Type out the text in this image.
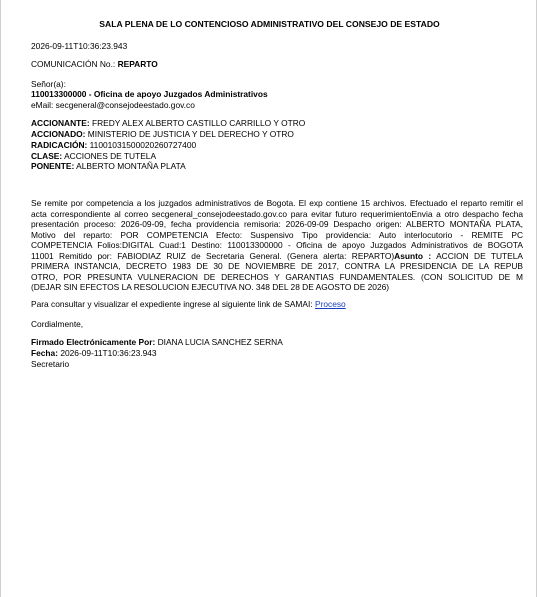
SALA PLENA DE LO CONTENCIOSO ADMINISTRATIVO DEL CONSEJO DE ESTADO
2026-09-11T10:36:23.943
COMUNICACIÓN No.: REPARTO
Señor(a):
110013300000 - Oficina de apoyo Juzgados Administrativos
eMail: secgeneral@consejodeestado.gov.co
ACCIONANTE: FREDY ALEX ALBERTO CASTILLO CARRILLO Y OTRO
ACCIONADO: MINISTERIO DE JUSTICIA Y DEL DERECHO Y OTRO
RADICACIÓN: 11001031500020260727400
CLASE: ACCIONES DE TUTELA
PONENTE: ALBERTO MONTAÑA PLATA
Se remite por competencia a los juzgados administrativos de Bogota. El exp contiene 15 archivos. Efectuado el reparto remitir el
acta correspondiente al correo secgeneral_consejodeestado.gov.co para evitar futuro requerimientoEnvia a otro despacho fecha
presentación proceso: 2026-09-09, fecha providencia remisoria: 2026-09-09 Despacho origen: ALBERTO MONTAÑA PLATA,
Motivo del reparto: POR COMPETENCIA Efecto: Suspensivo Tipo providencia: Auto interlocutorio - REMITE PC
COMPETENCIA Folios:DIGITAL Cuad:1 Destino: 110013300000 - Oficina de apoyo Juzgados Administrativos de BOGOTA
11001 Remitido por: FABIODIAZ RUIZ de Secretaria General. (Genera alerta: REPARTO)Asunto : ACCION DE TUTELA
PRIMERA INSTANCIA, DECRETO 1983 DE 30 DE NOVIEMBRE DE 2017, CONTRA LA PRESIDENCIA DE LA REPUB
OTRO, POR PRESUNTA VULNERACION DE DERECHOS Y GARANTIAS FUNDAMENTALES. (CON SOLICITUD DE M
(DEJAR SIN EFECTOS LA RESOLUCION EJECUTIVA NO. 348 DEL 28 DE AGOSTO DE 2026)
Para consultar y visualizar el expediente ingrese al siguiente link de SAMAI: Proceso
Cordialmente,
Firmado Electrónicamente Por: DIANA LUCIA SANCHEZ SERNA
Fecha: 2026-09-11T10:36:23.943
Secretario
